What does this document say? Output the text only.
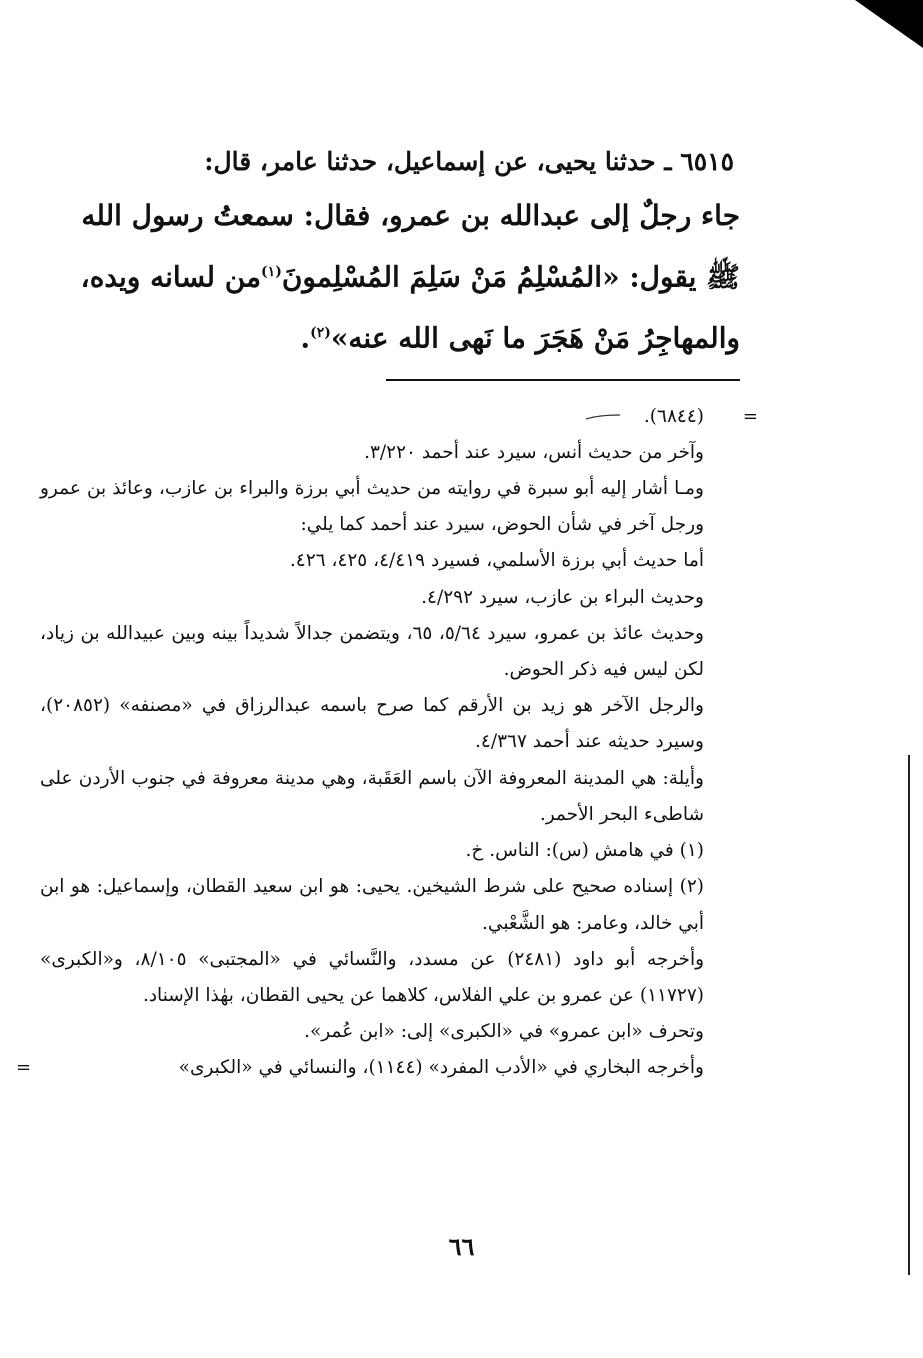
٦٥١٥ ـ حدثنا يحيى، عن إسماعيل، حدثنا عامر، قال:

جاء رجلٌ إلى عبدالله بن عمرو، فقال: سمعتُ رسول الله ﷺ يقول: «المُسْلِمُ مَنْ سَلِمَ المُسْلِمونَ$^{(١)}$من لسانه ويده، والمهاجِرُ مَنْ هَجَرَ ما نَهى الله عنه»$^{(٢)}$.

=
(٦٨٤٤).

وآخر من حديث أنس، سيرد عند أحمد ٣/٢٢٠.

ومـا أشار إليه أبو سبرة في روايته من حديث أبي برزة والبراء بن عازب، وعائذ بن عمرو ورجل آخر في شأن الحوض، سيرد عند أحمد كما يلي:

أما حديث أبي برزة الأسلمي، فسيرد ٤/٤١٩، ٤٢٥، ٤٢٦.

وحديث البراء بن عازب، سيرد ٤/٢٩٢.

وحديث عائذ بن عمرو، سيرد ٥/٦٤، ٦٥، ويتضمن جدالاً شديداً بينه وبين عبيدالله بن زياد، لكن ليس فيه ذكر الحوض.

والرجل الآخر هو زيد بن الأرقم كما صرح باسمه عبدالرزاق في «مصنفه» (٢٠٨٥٢)، وسيرد حديثه عند أحمد ٤/٣٦٧.

وأيلة: هي المدينة المعروفة الآن باسم العَقَبة، وهي مدينة معروفة في جنوب الأردن على شاطىء البحر الأحمر.

(١) في هامش (س): الناس. خ.

(٢) إسناده صحيح على شرط الشيخين. يحيى: هو ابن سعيد القطان، وإسماعيل: هو ابن أبي خالد، وعامر: هو الشَّعْبي.

وأخرجه أبو داود (٢٤٨١) عن مسدد، والنَّسائي في «المجتبى» ٨/١٠٥، و«الكبرى» (١١٧٢٧) عن عمرو بن علي الفلاس، كلاهما عن يحيى القطان، بهٰذا الإسناد.

وتحرف «ابن عمرو» في «الكبرى» إلى: «ابن عُمر».

وأخرجه البخاري في «الأدب المفرد» (١١٤٤)، والنسائي في «الكبرى»
=

٦٦
